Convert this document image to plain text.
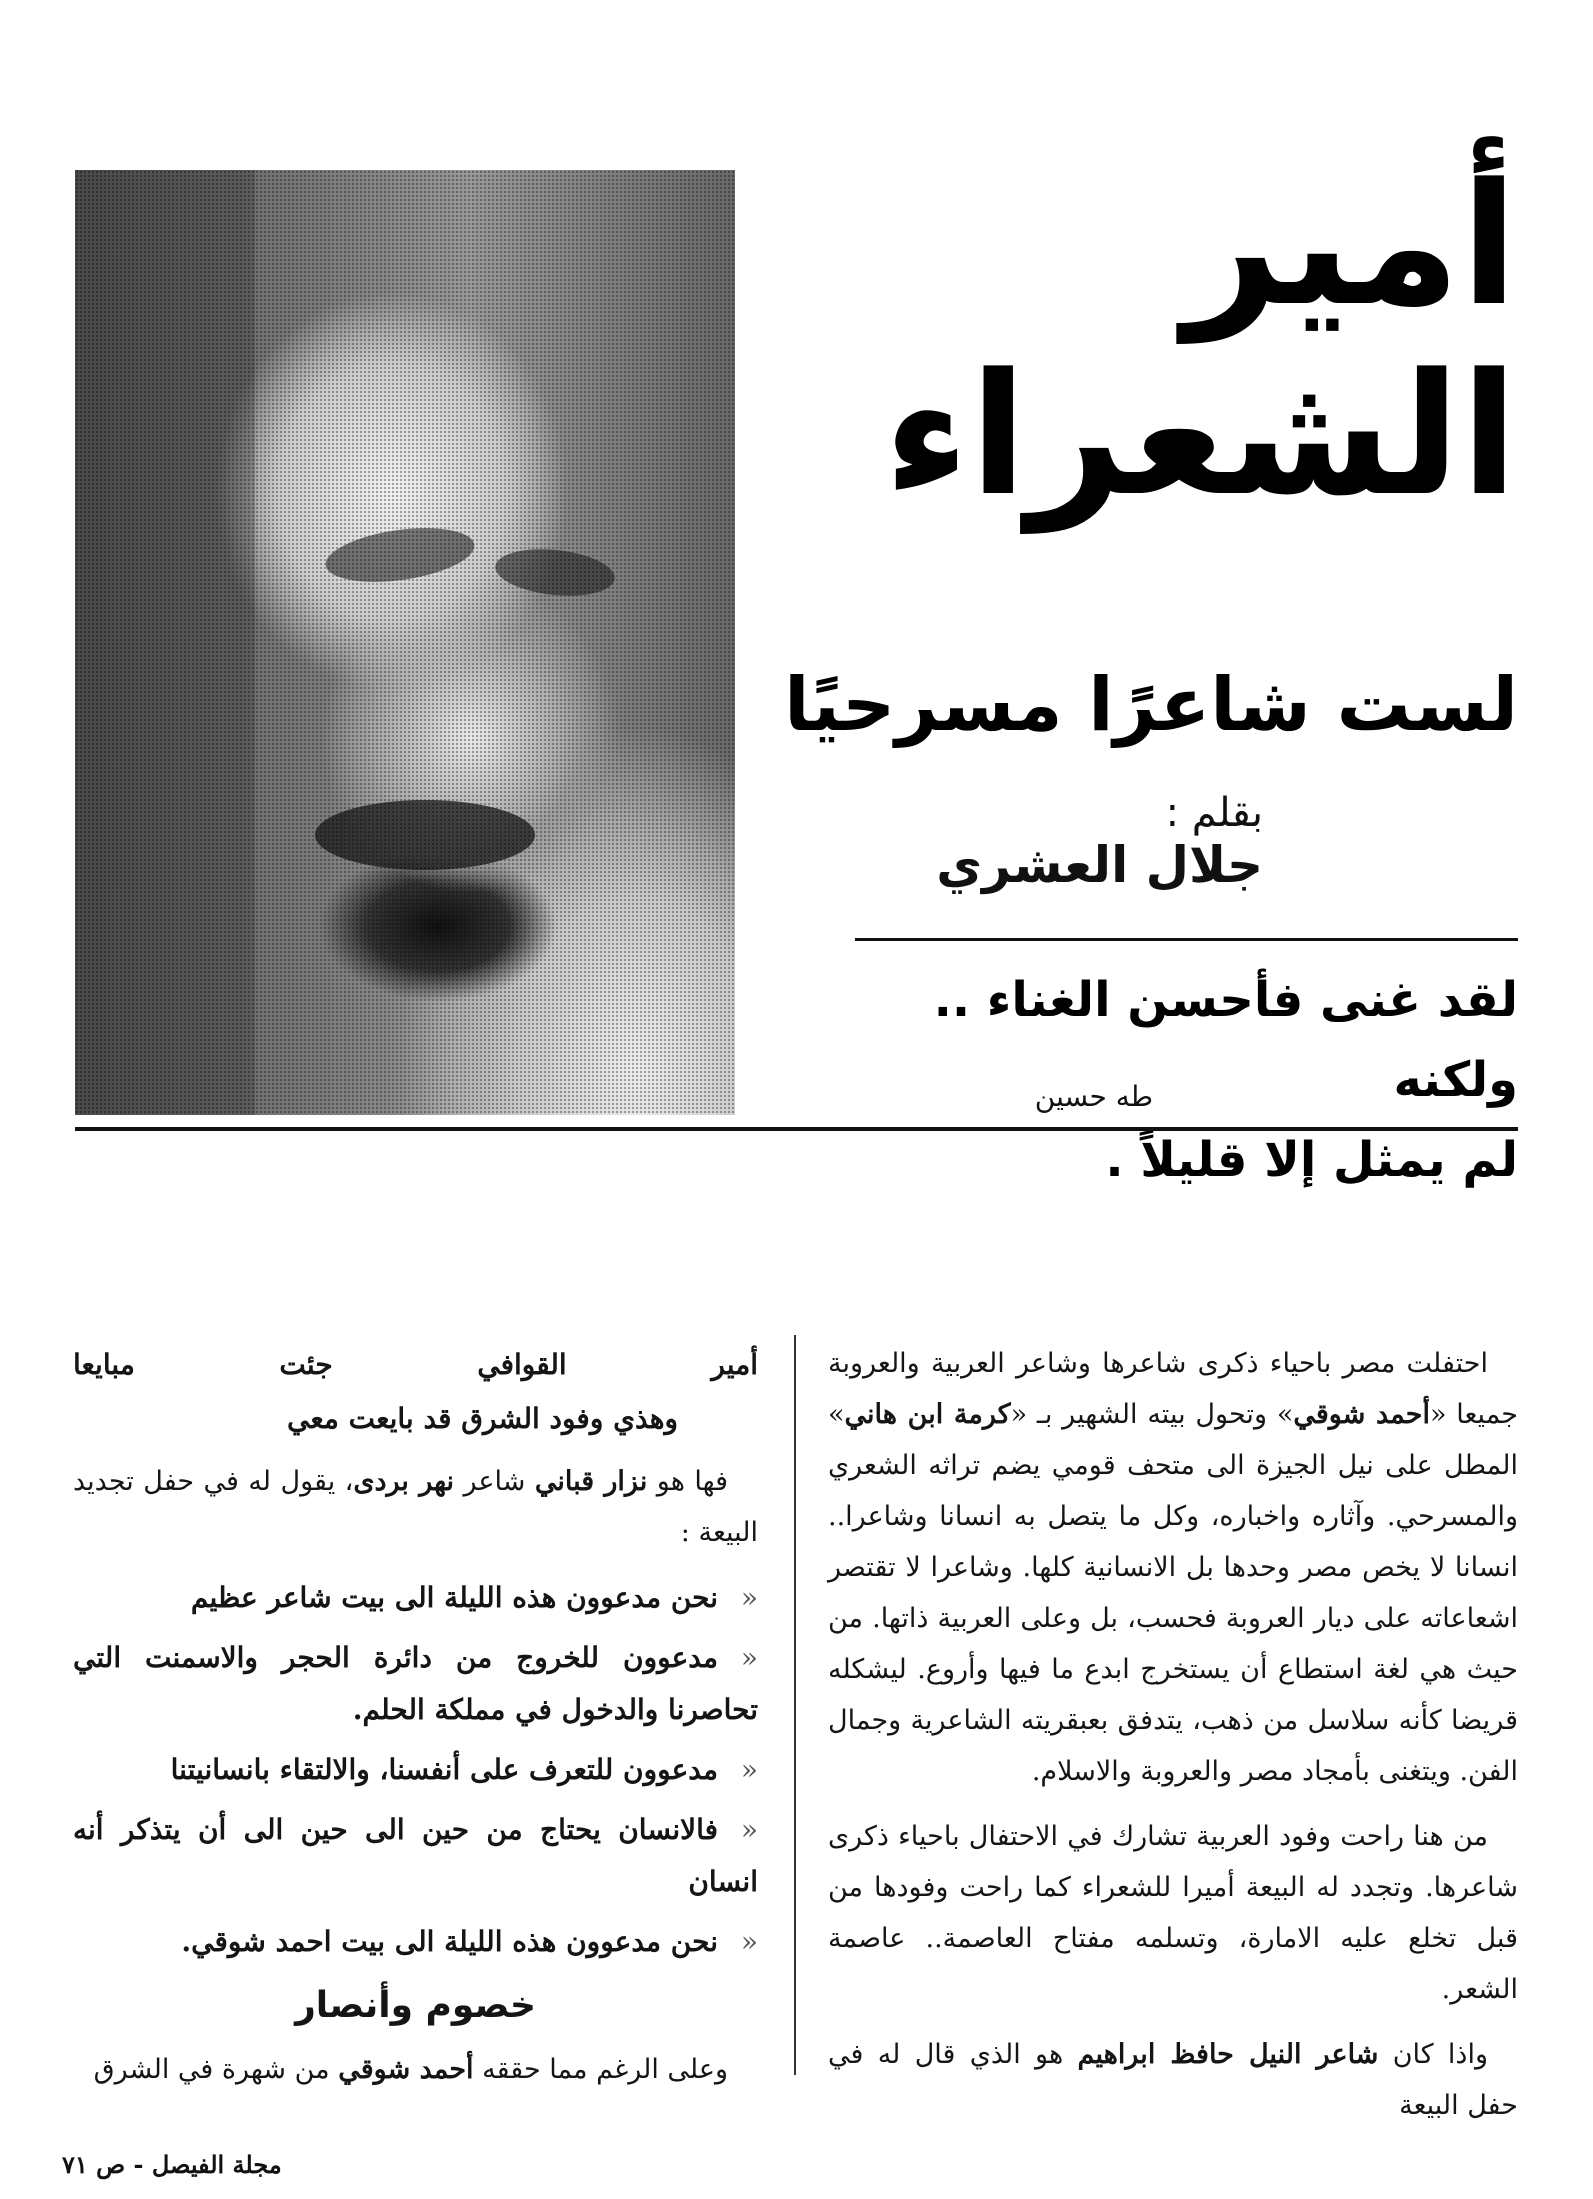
أمير
الشعراء
لست شاعرًا مسرحيًا
بقلم :
جلال العشري
لقد غنى فأحسن الغناء .. ولكنه
لم يمثل إلا قليلاً .
طه حسين

احتفلت مصر باحياء ذكرى شاعرها وشاعر العربية والعروبة جميعا «أحمد شوقي» وتحول بيته الشهير بـ «كرمة ابن هاني» المطل على نيل الجيزة الى متحف قومي يضم تراثه الشعري والمسرحي. وآثاره واخباره، وكل ما يتصل به انسانا وشاعرا.. انسانا لا يخص مصر وحدها بل الانسانية كلها. وشاعرا لا تقتصر اشعاعاته على ديار العروبة فحسب، بل وعلى العربية ذاتها. من حيث هي لغة استطاع أن يستخرج ابدع ما فيها وأروع. ليشكله قريضا كأنه سلاسل من ذهب، يتدفق بعبقريته الشاعرية وجمال الفن. ويتغنى بأمجاد مصر والعروبة والاسلام.

من هنا راحت وفود العربية تشارك في الاحتفال باحياء ذكرى شاعرها. وتجدد له البيعة أميرا للشعراء كما راحت وفودها من قبل تخلع عليه الامارة، وتسلمه مفتاح العاصمة.. عاصمة الشعر.

واذا كان شاعر النيل حافظ ابراهيم هو الذي قال له في حفل البيعة

أمير
القوافي
جئت
مبايعا
وهذي وفود الشرق قد بايعت معي

فها هو نزار قباني شاعر نهر بردى، يقول له في حفل تجديد البيعة :

«نحن مدعوون هذه الليلة الى بيت شاعر عظيم
«مدعوون للخروج من دائرة الحجر والاسمنت التي تحاصرنا والدخول في مملكة الحلم.
«مدعوون للتعرف على أنفسنا، والالتقاء بانسانيتنا
«فالانسان يحتاج من حين الى حين الى أن يتذكر أنه انسان
«نحن مدعوون هذه الليلة الى بيت احمد شوقي.
خصوم وأنصار

وعلى الرغم مما حققه أحمد شوقي من شهرة في الشرق

مجلة الفيصل - ص ٧١
